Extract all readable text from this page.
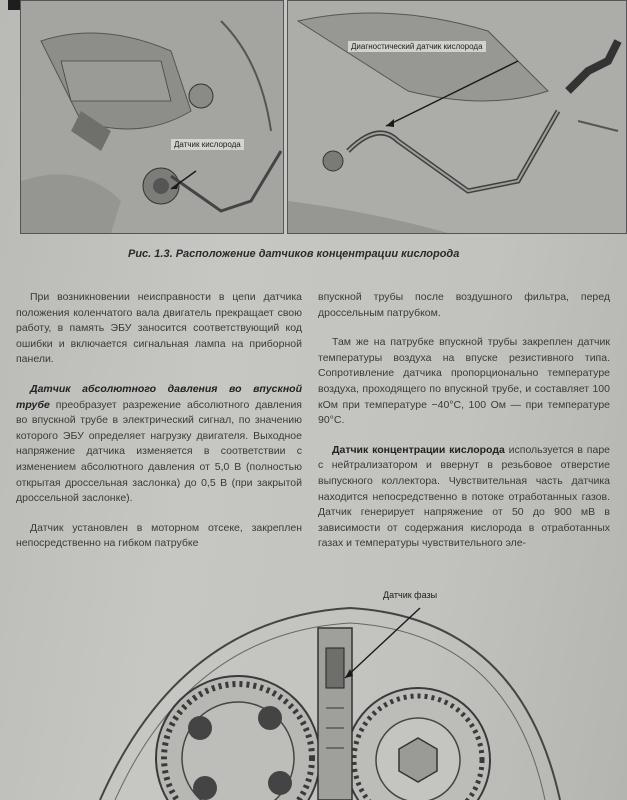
Датчик кислорода
Диагностический датчик кислорода
Рис. 1.3. Расположение датчиков концентрации кислорода

При возникновении неисправности в цепи датчика положения коленчатого вала двигатель прекращает свою работу, в память ЭБУ заносится соответствующий код ошибки и включается сигнальная лампа на приборной панели.

Датчик абсолютного давления во впускной трубе преобразует разрежение абсолютного давления во впускной трубе в электрический сигнал, по значению которого ЭБУ определяет нагрузку двигателя. Выходное напряжение датчика изменяется в соответствии с изменением абсолютного давления от 5,0 В (полностью открытая дроссельная заслонка) до 0,5 В (при закрытой дроссельной заслонке).

Датчик установлен в моторном отсеке, закреплен непосредственно на гибком патрубке

впускной трубы после воздушного фильтра, перед дроссельным патрубком.

Там же на патрубке впускной трубы закреплен датчик температуры воздуха на впуске резистивного типа. Сопротивление датчика пропорционально температуре воздуха, проходящего по впускной трубе, и составляет 100 кОм при температуре −40°С, 100 Ом — при температуре 90°С.

Датчик концентрации кислорода используется в паре с нейтрализатором и ввернут в резьбовое отверстие выпускного коллектора. Чувствительная часть датчика находится непосредственно в потоке отработанных газов. Датчик генерирует напряжение от 50 до 900 мВ в зависимости от содержания кислорода в отработанных газах и температуры чувствительного эле-

Датчик фазы
